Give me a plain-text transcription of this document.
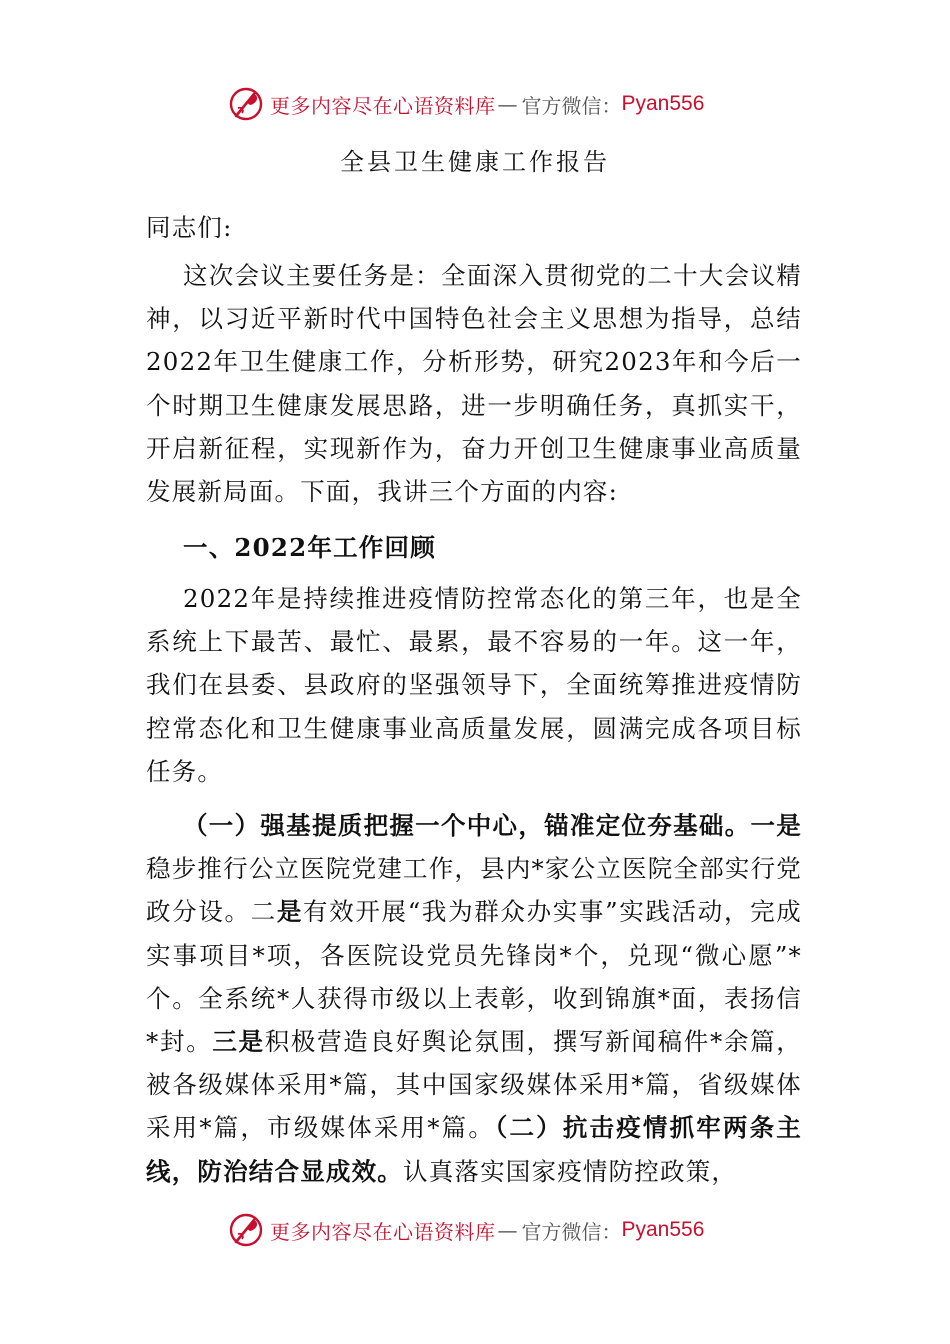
更多内容尽在心语资料库 — 官方微信： Pyan556
全县卫生健康工作报告
同志们:
这次会议主要任务是：全面深入贯彻党的二十大会议精神，以习近平新时代中国特色社会主义思想为指导，总结2022年卫生健康工作，分析形势，研究2023年和今后一个时期卫生健康发展思路，进一步明确任务，真抓实干，开启新征程，实现新作为，奋力开创卫生健康事业高质量发展新局面。下面，我讲三个方面的内容:
一、2022年工作回顾
2022年是持续推进疫情防控常态化的第三年，也是全系统上下最苦、最忙、最累，最不容易的一年。这一年，我们在县委、县政府的坚强领导下，全面统筹推进疫情防控常态化和卫生健康事业高质量发展，圆满完成各项目标任务。
（一）强基提质把握一个中心，锚准定位夯基础。一是稳步推行公立医院党建工作，县内*家公立医院全部实行党政分设。二是有效开展“我为群众办实事”实践活动，完成实事项目*项，各医院设党员先锋岗*个，兑现“微心愿”*个。全系统*人获得市级以上表彰，收到锦旗*面，表扬信*封。三是积极营造良好舆论氛围，撰写新闻稿件*余篇，被各级媒体采用*篇，其中国家级媒体采用*篇，省级媒体采用*篇，市级媒体采用*篇。（二）抗击疫情抓牢两条主线，防治结合显成效。认真落实国家疫情防控政策，
更多内容尽在心语资料库 — 官方微信： Pyan556
